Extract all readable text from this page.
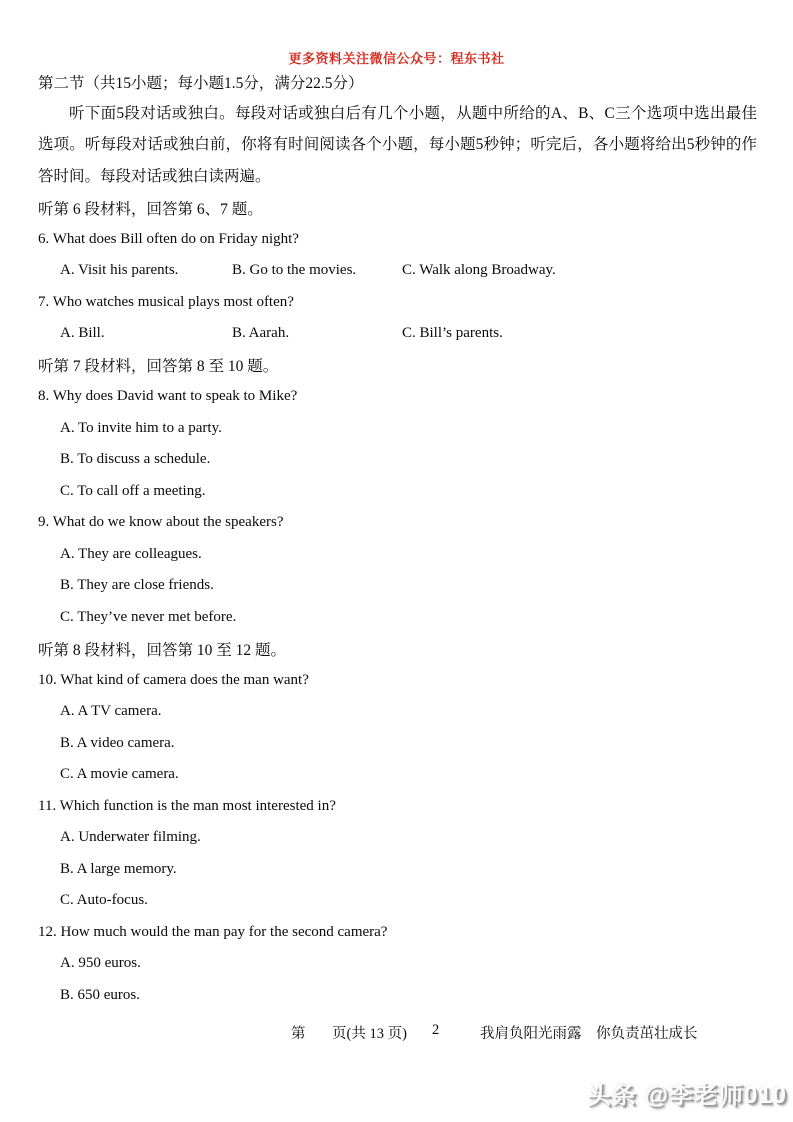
更多资料关注微信公众号：程东书社
第二节（共15小题；每小题1.5分，满分22.5分）
听下面5段对话或独白。每段对话或独白后有几个小题，从题中所给的A、B、C三个选项中选出最佳选项。听每段对话或独白前，你将有时间阅读各个小题，每小题5秒钟；听完后，各小题将给出5秒钟的作答时间。每段对话或独白读两遍。
听第 6 段材料，回答第 6、7 题。
6. What does Bill often do on Friday night?
A. Visit his parents.	B. Go to the movies.	C. Walk along Broadway.
7. Who watches musical plays most often?
A. Bill.	B. Aarah.	C. Bill’s parents.
听第 7 段材料，回答第 8 至 10 题。
8. Why does David want to speak to Mike?
A. To invite him to a party.
B. To discuss a schedule.
C. To call off a meeting.
9. What do we know about the speakers?
A. They are colleagues.
B. They are close friends.
C. They’ve never met before.
听第 8 段材料，回答第 10 至 12 题。
10. What kind of camera does the man want?
A. A TV camera.
B. A video camera.
C. A movie camera.
11. Which function is the man most interested in?
A. Underwater filming.
B. A large memory.
C. Auto-focus.
12. How much would the man pay for the second camera?
A. 950 euros.
B. 650 euros.
第 页(共 13 页) 2	我肩负阳光雨露　你负责茁壮成长
头条 @李老师010
